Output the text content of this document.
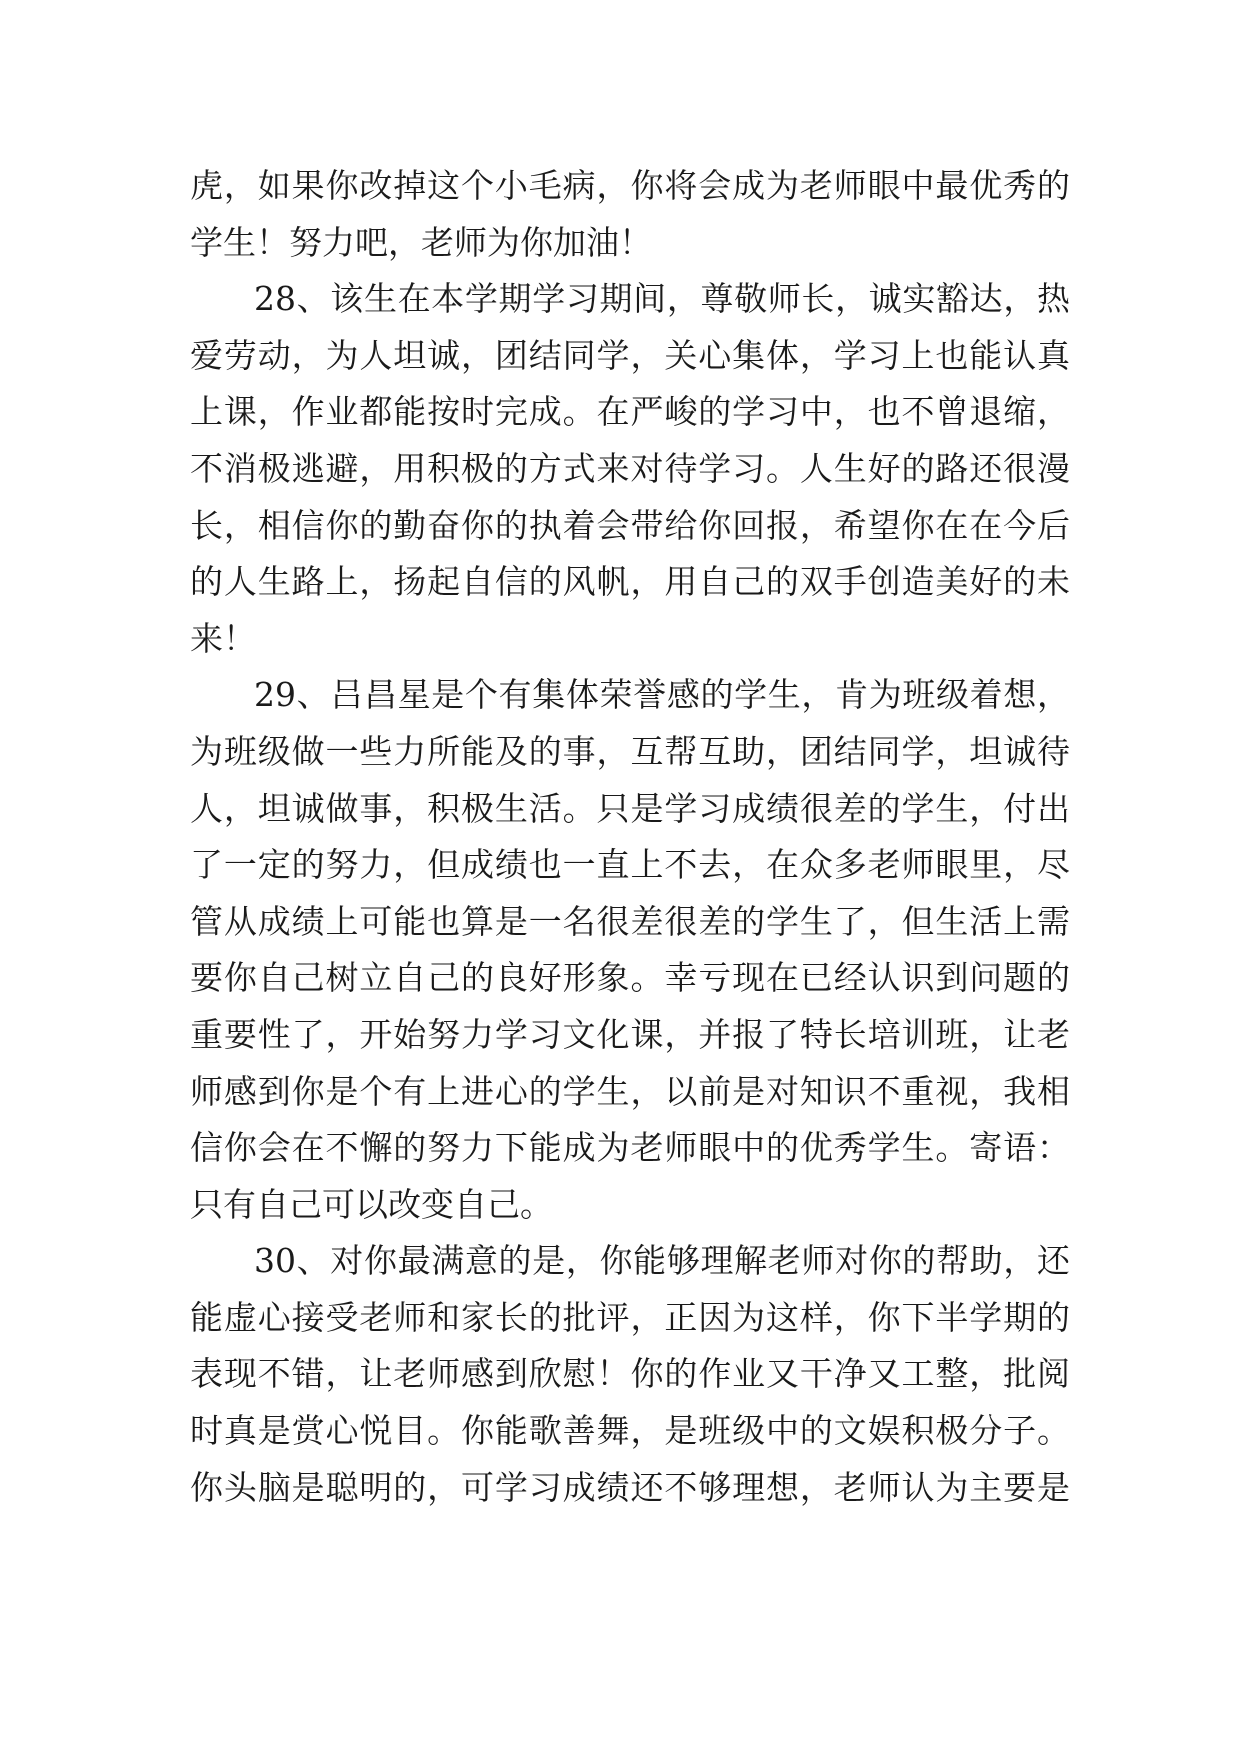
虎，如果你改掉这个小毛病，你将会成为老师眼中最优秀的
学生！努力吧，老师为你加油！
28、该生在本学期学习期间，尊敬师长，诚实豁达，热
爱劳动，为人坦诚，团结同学，关心集体，学习上也能认真
上课，作业都能按时完成。在严峻的学习中，也不曾退缩，
不消极逃避，用积极的方式来对待学习。人生好的路还很漫
长，相信你的勤奋你的执着会带给你回报，希望你在在今后
的人生路上，扬起自信的风帆，用自己的双手创造美好的未
来！
29、吕昌星是个有集体荣誉感的学生，肯为班级着想，
为班级做一些力所能及的事，互帮互助，团结同学，坦诚待
人，坦诚做事，积极生活。只是学习成绩很差的学生，付出
了一定的努力，但成绩也一直上不去，在众多老师眼里，尽
管从成绩上可能也算是一名很差很差的学生了，但生活上需
要你自己树立自己的良好形象。幸亏现在已经认识到问题的
重要性了，开始努力学习文化课，并报了特长培训班，让老
师感到你是个有上进心的学生，以前是对知识不重视，我相
信你会在不懈的努力下能成为老师眼中的优秀学生。寄语：
只有自己可以改变自己。
30、对你最满意的是，你能够理解老师对你的帮助，还
能虚心接受老师和家长的批评，正因为这样，你下半学期的
表现不错，让老师感到欣慰！你的作业又干净又工整，批阅
时真是赏心悦目。你能歌善舞，是班级中的文娱积极分子。
你头脑是聪明的，可学习成绩还不够理想，老师认为主要是
